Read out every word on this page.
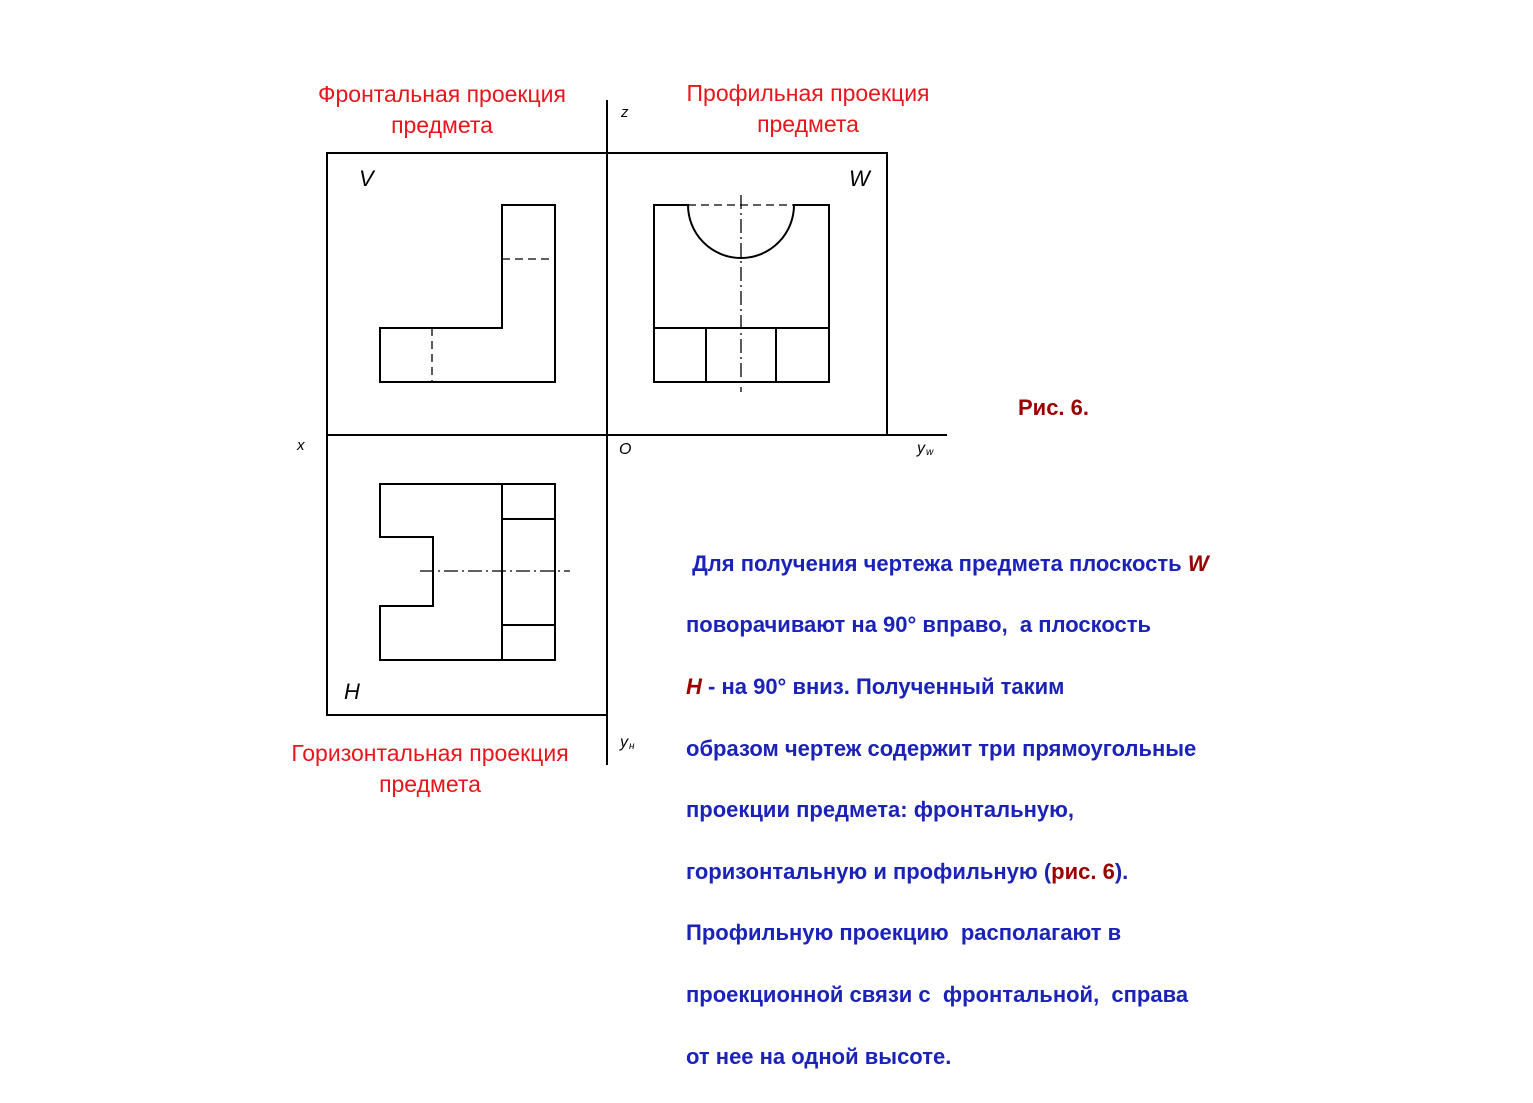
Фронтальная проекция
предмета
Профильная проекция
предмета
Горизонтальная проекция
предмета
z
x	O	y w
y н
V	W
H
Рис. 6.

Для получения чертежа предмета плоскость W

поворачивают на 90° вправо,  а плоскость

H - на 90° вниз. Полученный таким

образом чертеж содержит три прямоугольные

проекции предмета: фронтальную,

горизонтальную и профильную (рис. 6).

Профильную проекцию  располагают в

проекционной связи с  фронтальной,  справа

от нее на одной высоте.
